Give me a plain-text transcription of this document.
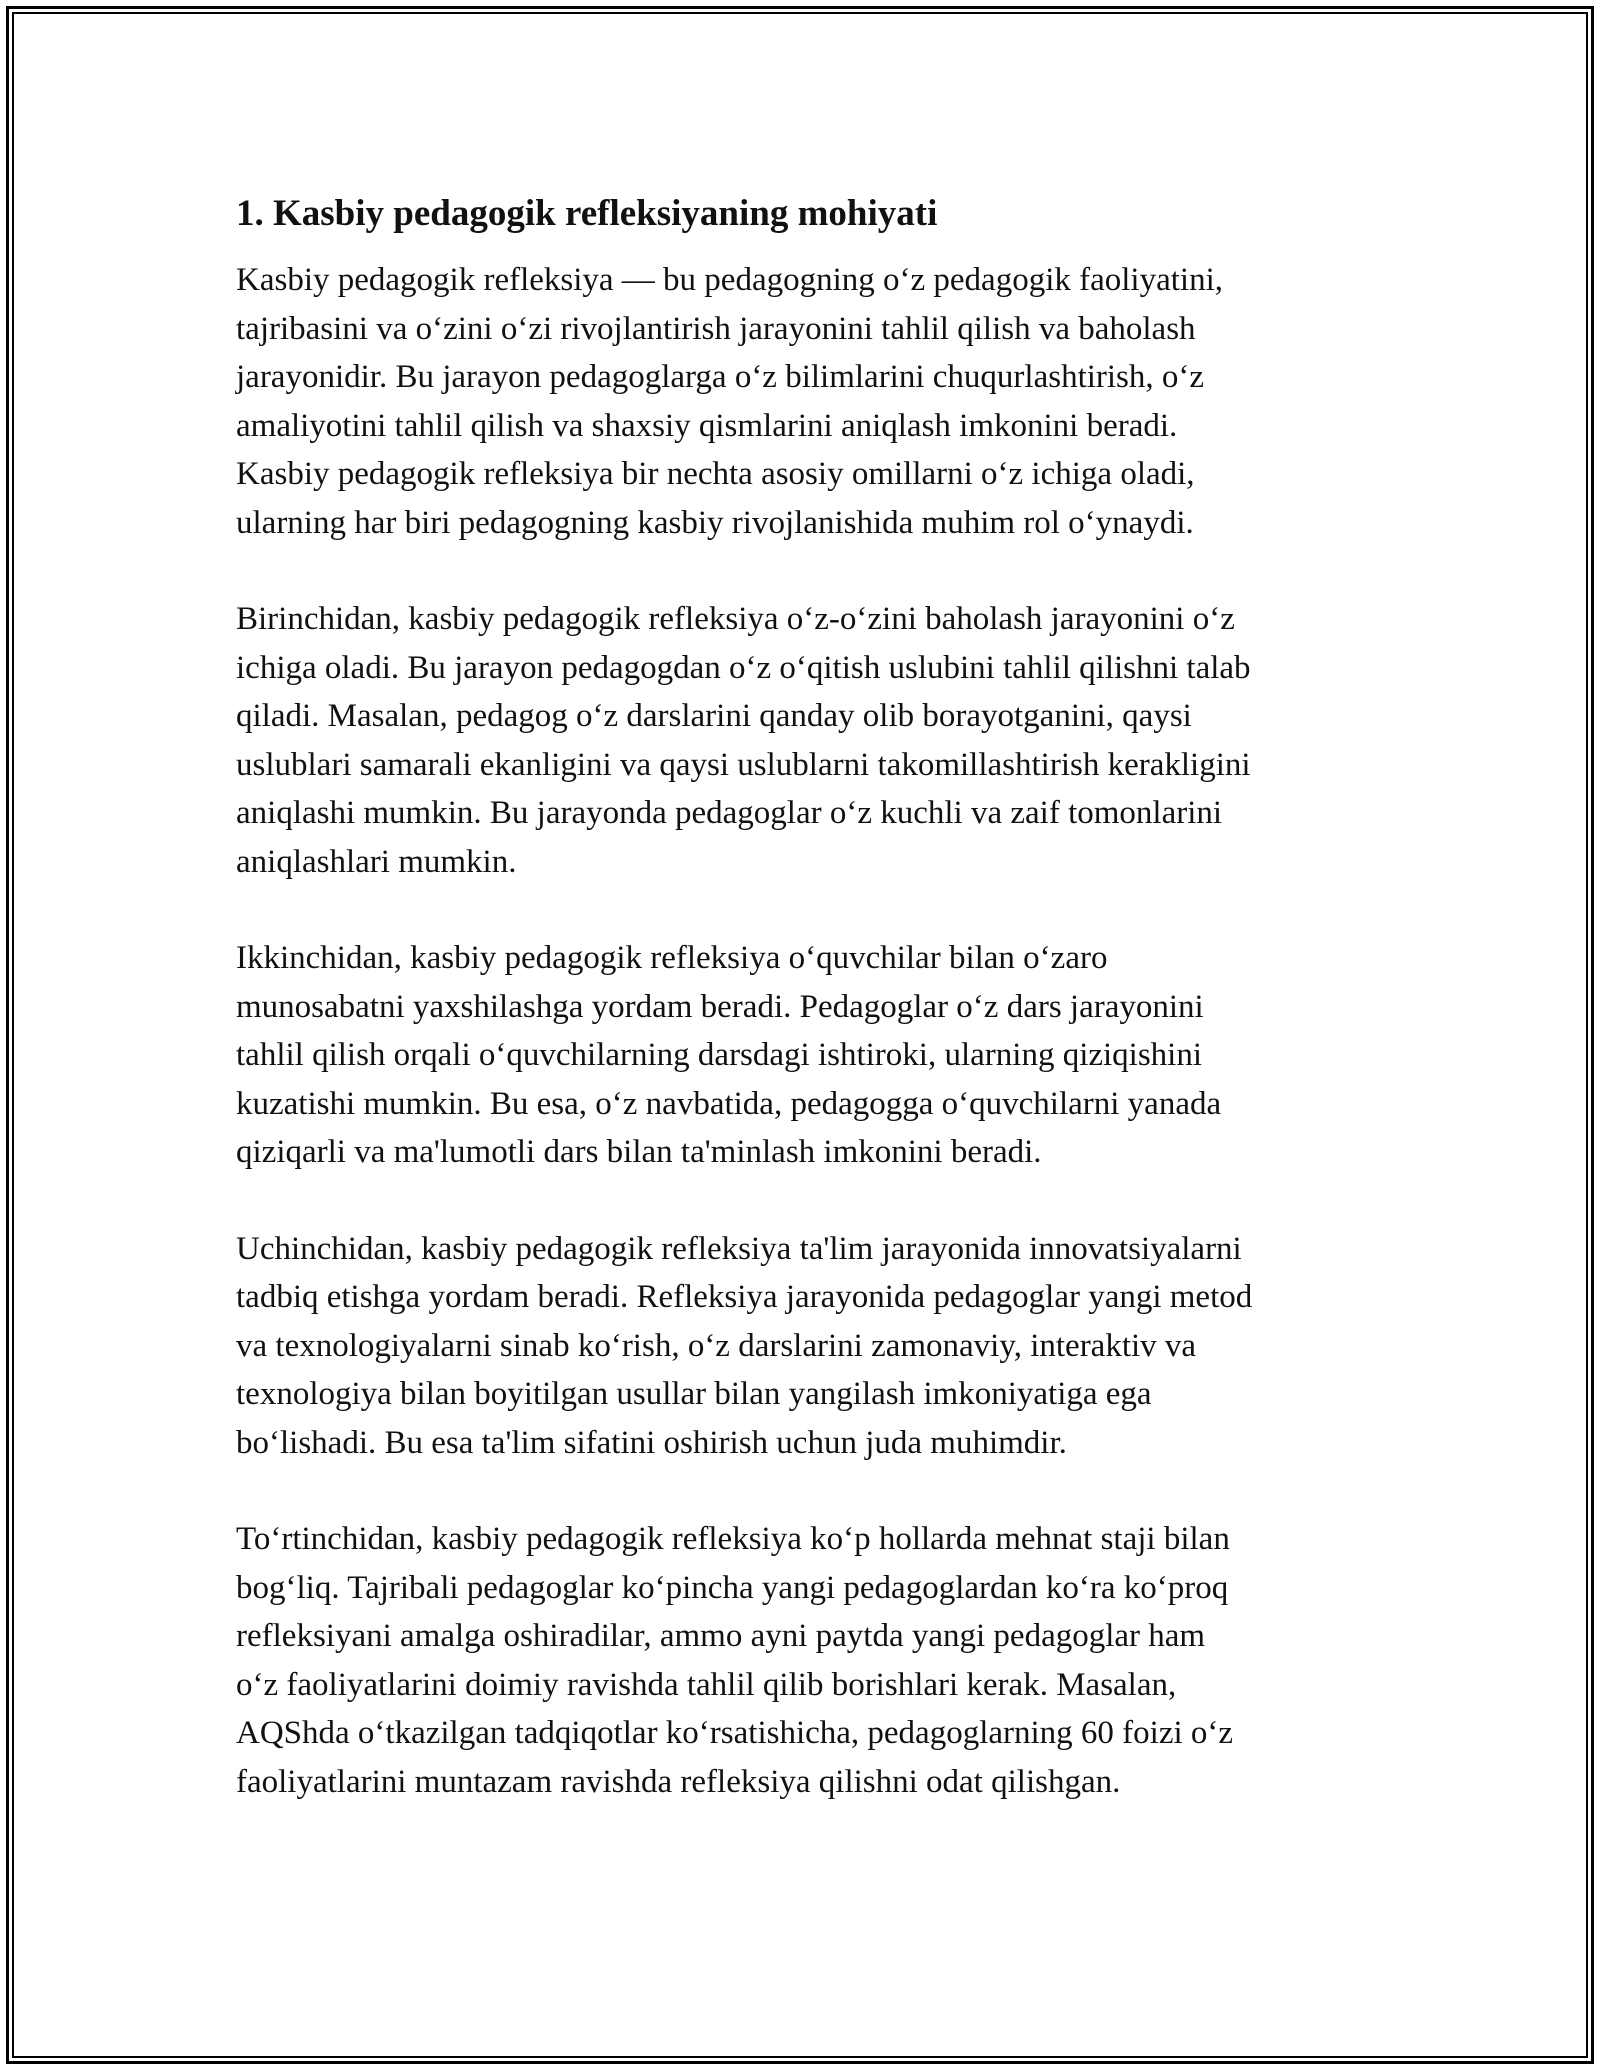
1. Kasbiy pedagogik refleksiyaning mohiyati

Kasbiy pedagogik refleksiya — bu pedagogning o‘z pedagogik faoliyatini,
tajribasini va o‘zini o‘zi rivojlantirish jarayonini tahlil qilish va baholash
jarayonidir. Bu jarayon pedagoglarga o‘z bilimlarini chuqurlashtirish, o‘z
amaliyotini tahlil qilish va shaxsiy qismlarini aniqlash imkonini beradi.
Kasbiy pedagogik refleksiya bir nechta asosiy omillarni o‘z ichiga oladi,
ularning har biri pedagogning kasbiy rivojlanishida muhim rol o‘ynaydi.

Birinchidan, kasbiy pedagogik refleksiya o‘z-o‘zini baholash jarayonini o‘z
ichiga oladi. Bu jarayon pedagogdan o‘z o‘qitish uslubini tahlil qilishni talab
qiladi. Masalan, pedagog o‘z darslarini qanday olib borayotganini, qaysi
uslublari samarali ekanligini va qaysi uslublarni takomillashtirish kerakligini
aniqlashi mumkin. Bu jarayonda pedagoglar o‘z kuchli va zaif tomonlarini
aniqlashlari mumkin.

Ikkinchidan, kasbiy pedagogik refleksiya o‘quvchilar bilan o‘zaro
munosabatni yaxshilashga yordam beradi. Pedagoglar o‘z dars jarayonini
tahlil qilish orqali o‘quvchilarning darsdagi ishtiroki, ularning qiziqishini
kuzatishi mumkin. Bu esa, o‘z navbatida, pedagogga o‘quvchilarni yanada
qiziqarli va ma'lumotli dars bilan ta'minlash imkonini beradi.

Uchinchidan, kasbiy pedagogik refleksiya ta'lim jarayonida innovatsiyalarni
tadbiq etishga yordam beradi. Refleksiya jarayonida pedagoglar yangi metod
va texnologiyalarni sinab ko‘rish, o‘z darslarini zamonaviy, interaktiv va
texnologiya bilan boyitilgan usullar bilan yangilash imkoniyatiga ega
bo‘lishadi. Bu esa ta'lim sifatini oshirish uchun juda muhimdir.

To‘rtinchidan, kasbiy pedagogik refleksiya ko‘p hollarda mehnat staji bilan
bog‘liq. Tajribali pedagoglar ko‘pincha yangi pedagoglardan ko‘ra ko‘proq
refleksiyani amalga oshiradilar, ammo ayni paytda yangi pedagoglar ham
o‘z faoliyatlarini doimiy ravishda tahlil qilib borishlari kerak. Masalan,
AQShda o‘tkazilgan tadqiqotlar ko‘rsatishicha, pedagoglarning 60 foizi o‘z
faoliyatlarini muntazam ravishda refleksiya qilishni odat qilishgan.
